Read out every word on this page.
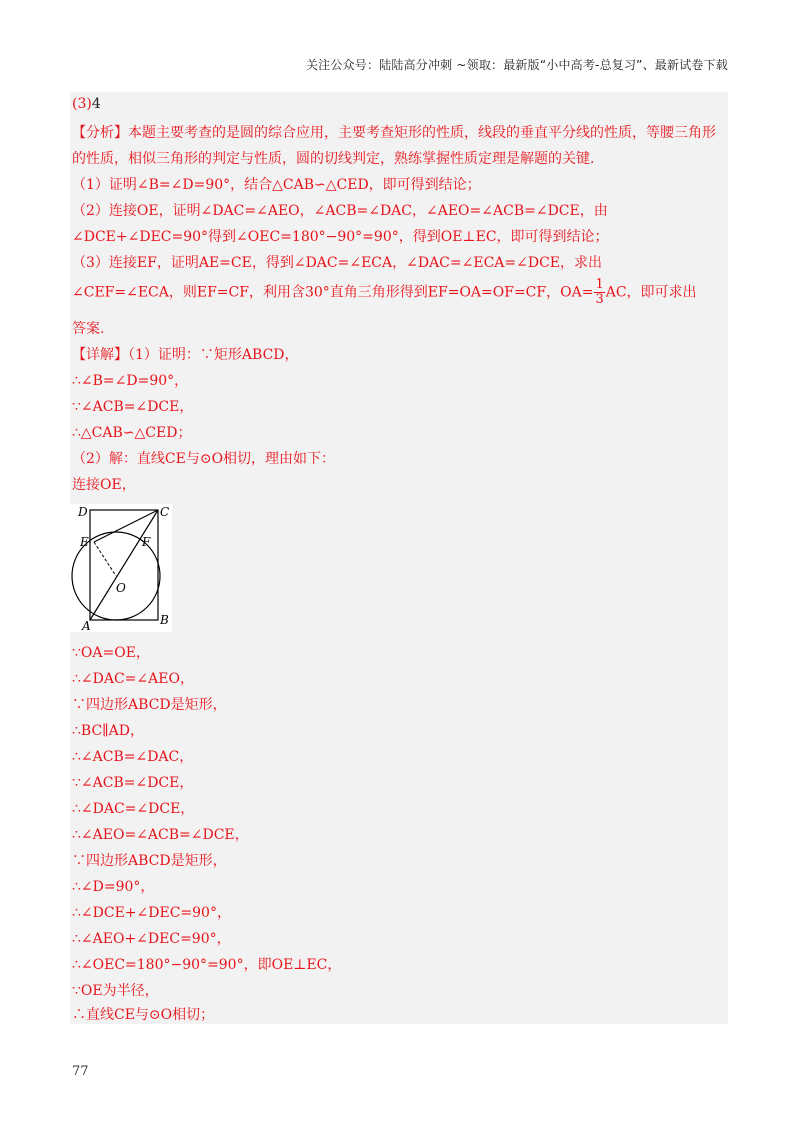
关注公众号：陆陆高分冲刺 ~领取：最新版“小中高考-总复习”、最新试卷下载
(3)4
【分析】本题主要考查的是圆的综合应用，主要考查矩形的性质，线段的垂直平分线的性质，等腰三角形
的性质，相似三角形的判定与性质，圆的切线判定，熟练掌握性质定理是解题的关键.
（1）证明∠B=∠D=90°，结合△CAB∽△CED，即可得到结论；
（2）连接OE，证明∠DAC=∠AEO，∠ACB=∠DAC，∠AEO=∠ACB=∠DCE，由
∠DCE+∠DEC=90°得到∠OEC=180°−90°=90°，得到OE⊥EC，即可得到结论；
（3）连接EF，证明AE=CE，得到∠DAC=∠ECA，∠DAC=∠ECA=∠DCE，求出
∠CEF=∠ECA，则EF=CF，利用含30°直角三角形得到EF=OA=OF=CF，$OA= \frac{1}{3}$ AC，即可求出
答案.
【详解】（1）证明：∵矩形ABCD，
∴∠B=∠D=90°，
∵∠ACB=∠DCE，
∴△CAB∽△CED；
（2）解：直线CE与⊙O相切，理由如下：
连接OE，
D	C
E	F
O
A	B
∵OA=OE，
∴∠DAC=∠AEO，
∵四边形ABCD是矩形，
∴BC∥AD，
∴∠ACB=∠DAC，
∵∠ACB=∠DCE，
∴∠DAC=∠DCE，
∴∠AEO=∠ACB=∠DCE，
∵四边形ABCD是矩形，
∴∠D=90°，
∴∠DCE+∠DEC=90°，
∴∠AEO+∠DEC=90°，
∴∠OEC=180°−90°=90°，即OE⊥EC，
∵OE为半径，
∴直线CE与⊙O相切；
77
